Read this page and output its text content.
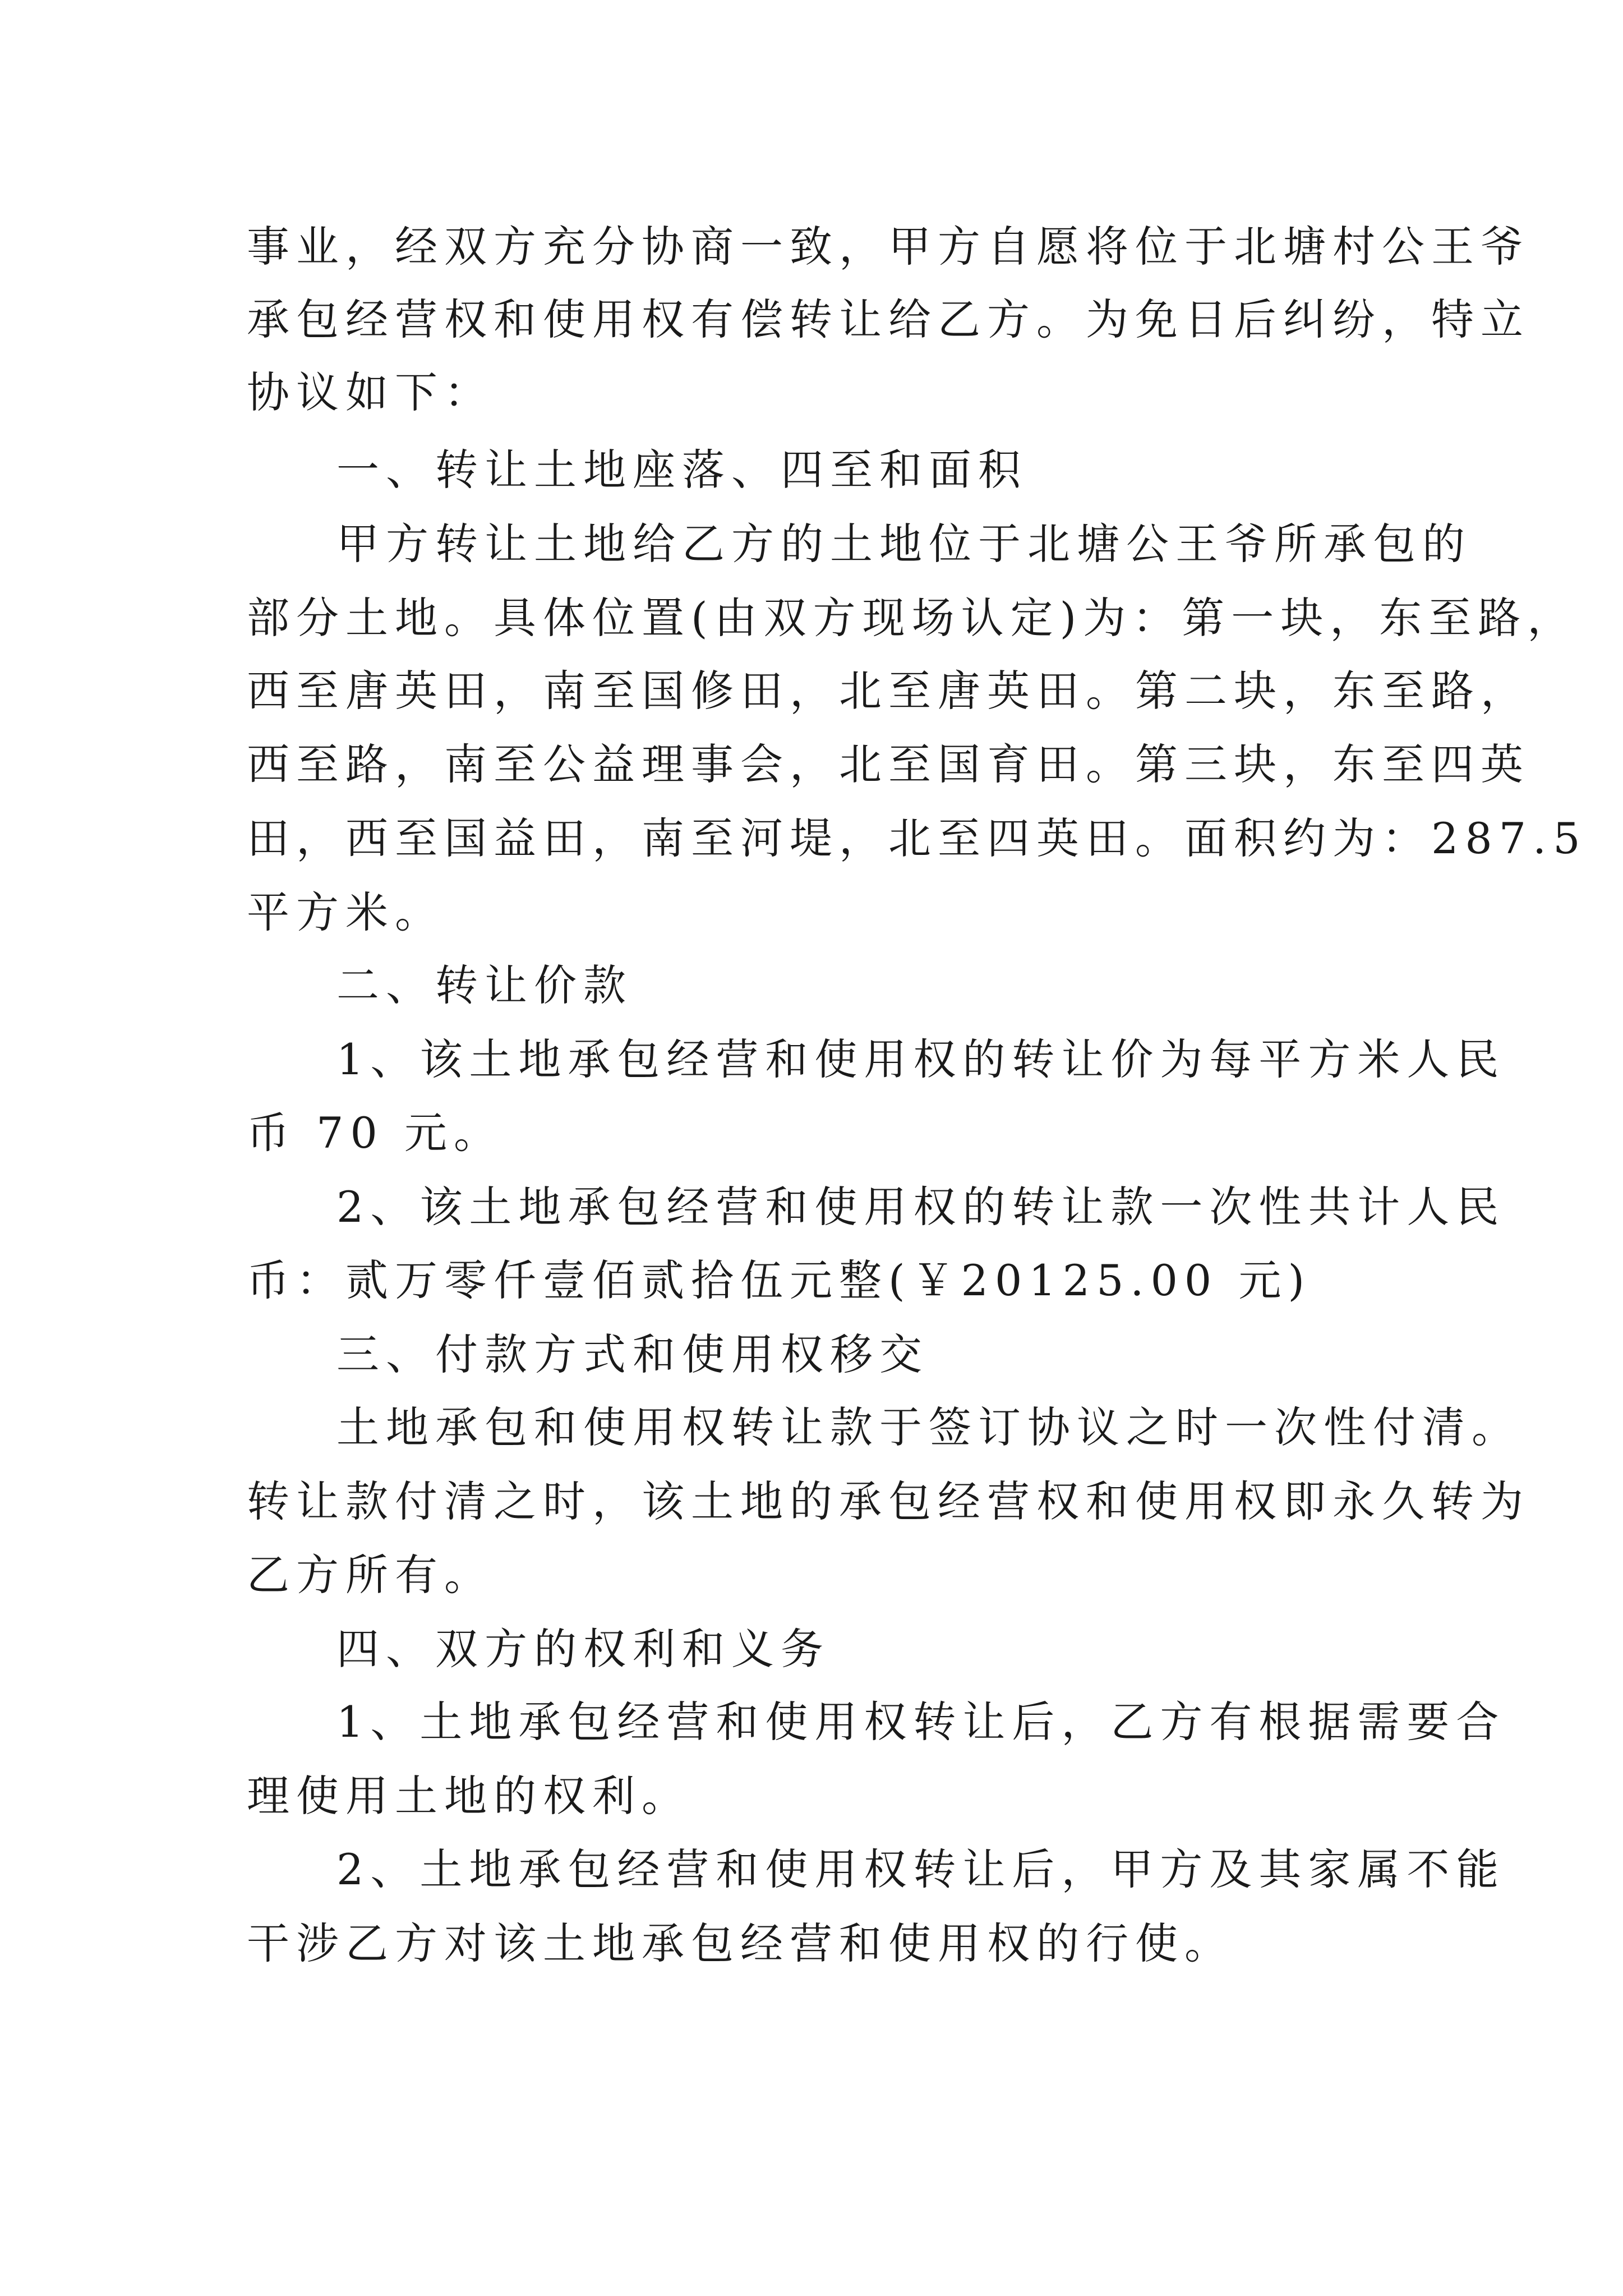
事业，经双方充分协商一致，甲方自愿将位于北塘村公王爷
承包经营权和使用权有偿转让给乙方。为免日后纠纷，特立
协议如下：
一、转让土地座落、四至和面积
甲方转让土地给乙方的土地位于北塘公王爷所承包的
部分土地。具体位置(由双方现场认定)为：第一块，东至路，
西至唐英田，南至国修田，北至唐英田。第二块，东至路，
西至路，南至公益理事会，北至国育田。第三块，东至四英
田，西至国益田，南至河堤，北至四英田。面积约为：287.5
平方米。
二、转让价款
1、该土地承包经营和使用权的转让价为每平方米人民
币 70 元。
2、该土地承包经营和使用权的转让款一次性共计人民
币：贰万零仟壹佰贰拾伍元整(￥20125.00 元)
三、付款方式和使用权移交
土地承包和使用权转让款于签订协议之时一次性付清。
转让款付清之时，该土地的承包经营权和使用权即永久转为
乙方所有。
四、双方的权利和义务
1、土地承包经营和使用权转让后，乙方有根据需要合
理使用土地的权利。
2、土地承包经营和使用权转让后，甲方及其家属不能
干涉乙方对该土地承包经营和使用权的行使。
